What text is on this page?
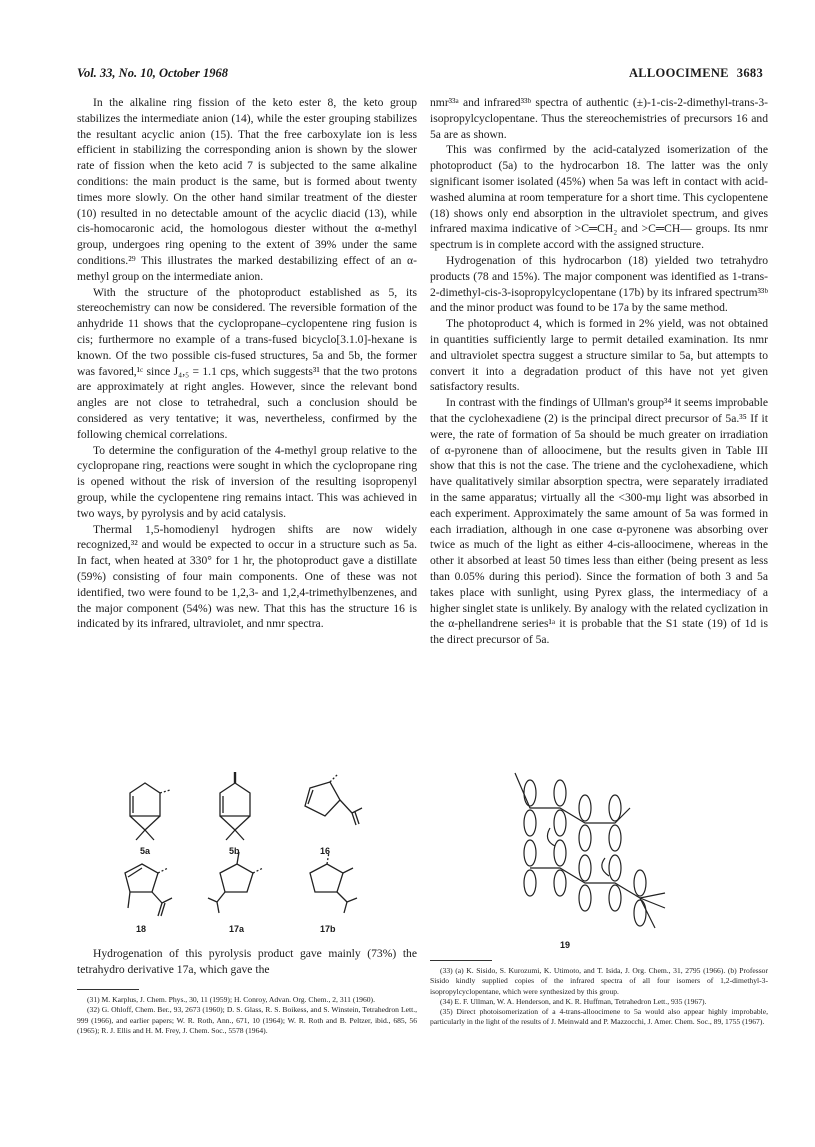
Vol. 33, No. 10, October 1968	ALLOOCIMENE 3683

In the alkaline ring fission of the keto ester 8, the keto group stabilizes the intermediate anion (14), while the ester grouping stabilizes the resultant acyclic anion (15). That the free carboxylate ion is less efficient in stabilizing the corresponding anion is shown by the slower rate of fission when the keto acid 7 is subjected to the same alkaline conditions: the main product is the same, but is formed about twenty times more slowly. On the other hand similar treatment of the diester (10) resulted in no detectable amount of the acyclic diacid (13), while cis-homocaronic acid, the homologous diester without the α-methyl group, undergoes ring opening to the extent of 39% under the same conditions.²⁹ This illustrates the marked destabilizing effect of an α-methyl group on the intermediate anion.

With the structure of the photoproduct established as 5, its stereochemistry can now be considered. The reversible formation of the anhydride 11 shows that the cyclopropane–cyclopentene ring fusion is cis; furthermore no example of a trans-fused bicyclo[3.1.0]-hexane is known. Of the two possible cis-fused structures, 5a and 5b, the former was favored,¹ᶜ since J₄,₅ = 1.1 cps, which suggests³¹ that the two protons are approximately at right angles. However, since the relevant bond angles are not close to tetrahedral, such a conclusion should be considered as very tentative; it was, nevertheless, confirmed by the following chemical correlations.

To determine the configuration of the 4-methyl group relative to the cyclopropane ring, reactions were sought in which the cyclopropane ring is opened without the risk of inversion of the resulting isopropenyl group, while the cyclopentene ring remains intact. This was achieved in two ways, by pyrolysis and by acid catalysis.

Thermal 1,5-homodienyl hydrogen shifts are now widely recognized,³² and would be expected to occur in a structure such as 5a. In fact, when heated at 330° for 1 hr, the photoproduct gave a distillate (59%) consisting of four main components. One of these was not identified, two were found to be 1,2,3- and 1,2,4-trimethylbenzenes, and the major component (54%) was new. That this has the structure 16 is indicated by its infrared, ultraviolet, and nmr spectra.

nmr³³ᵃ and infrared³³ᵇ spectra of authentic (±)-1-cis-2-dimethyl-trans-3-isopropylcyclopentane. Thus the stereochemistries of precursors 16 and 5a are as shown.

This was confirmed by the acid-catalyzed isomerization of the photoproduct (5a) to the hydrocarbon 18. The latter was the only significant isomer isolated (45%) when 5a was left in contact with acid-washed alumina at room temperature for a short time. This cyclopentene (18) shows only end absorption in the ultraviolet spectrum, and gives infrared maxima indicative of >C═CH₂ and >C═CH— groups. Its nmr spectrum is in complete accord with the assigned structure.

Hydrogenation of this hydrocarbon (18) yielded two tetrahydro products (78 and 15%). The major component was identified as 1-trans-2-dimethyl-cis-3-isopropylcyclopentane (17b) by its infrared spectrum³³ᵇ and the minor product was found to be 17a by the same method.

The photoproduct 4, which is formed in 2% yield, was not obtained in quantities sufficiently large to permit detailed examination. Its nmr and ultraviolet spectra suggest a structure similar to 5a, but attempts to convert it into a degradation product of this have not yet given satisfactory results.

In contrast with the findings of Ullman's group³⁴ it seems improbable that the cyclohexadiene (2) is the principal direct precursor of 5a.³⁵ If it were, the rate of formation of 5a should be much greater on irradiation of α-pyronene than of alloocimene, but the results given in Table III show that this is not the case. The triene and the cyclohexadiene, which have qualitatively similar absorption spectra, were separately irradiated in the same apparatus; virtually all the <300-mμ light was absorbed in each experiment. Approximately the same amount of 5a was formed in each irradiation, although in one case α-pyronene was absorbing over twice as much of the light as either 4-cis-alloocimene, whereas in the other it absorbed at least 50 times less than either (being present as less than 0.05% during this period). Since the formation of both 3 and 5a takes place with sunlight, using Pyrex glass, the intermediacy of a higher singlet state is unlikely. By analogy with the related cyclization in the α-phellandrene series¹ᵃ it is probable that the S1 state (19) of 1d is the direct precursor of 5a.

5a	5b	16
18	17a	17b
19

Hydrogenation of this pyrolysis product gave mainly (73%) the tetrahydro derivative 17a, which gave the

(31) M. Karplus, J. Chem. Phys., 30, 11 (1959); H. Conroy, Advan. Org. Chem., 2, 311 (1960).

(32) G. Ohloff, Chem. Ber., 93, 2673 (1960); D. S. Glass, R. S. Boikess, and S. Winstein, Tetrahedron Lett., 999 (1966), and earlier papers; W. R. Roth, Ann., 671, 10 (1964); W. R. Roth and B. Peltzer, ibid., 685, 56 (1965); R. J. Ellis and H. M. Frey, J. Chem. Soc., 5578 (1964).

(33) (a) K. Sisido, S. Kurozumi, K. Utimoto, and T. Isida, J. Org. Chem., 31, 2795 (1966). (b) Professor Sisido kindly supplied copies of the infrared spectra of all four isomers of 1,2-dimethyl-3-isopropylcyclopentane, which were synthesized by this group.

(34) E. F. Ullman, W. A. Henderson, and K. R. Huffman, Tetrahedron Lett., 935 (1967).

(35) Direct photoisomerization of a 4-trans-alloocimene to 5a would also appear highly improbable, particularly in the light of the results of J. Meinwald and P. Mazzocchi, J. Amer. Chem. Soc., 89, 1755 (1967).
